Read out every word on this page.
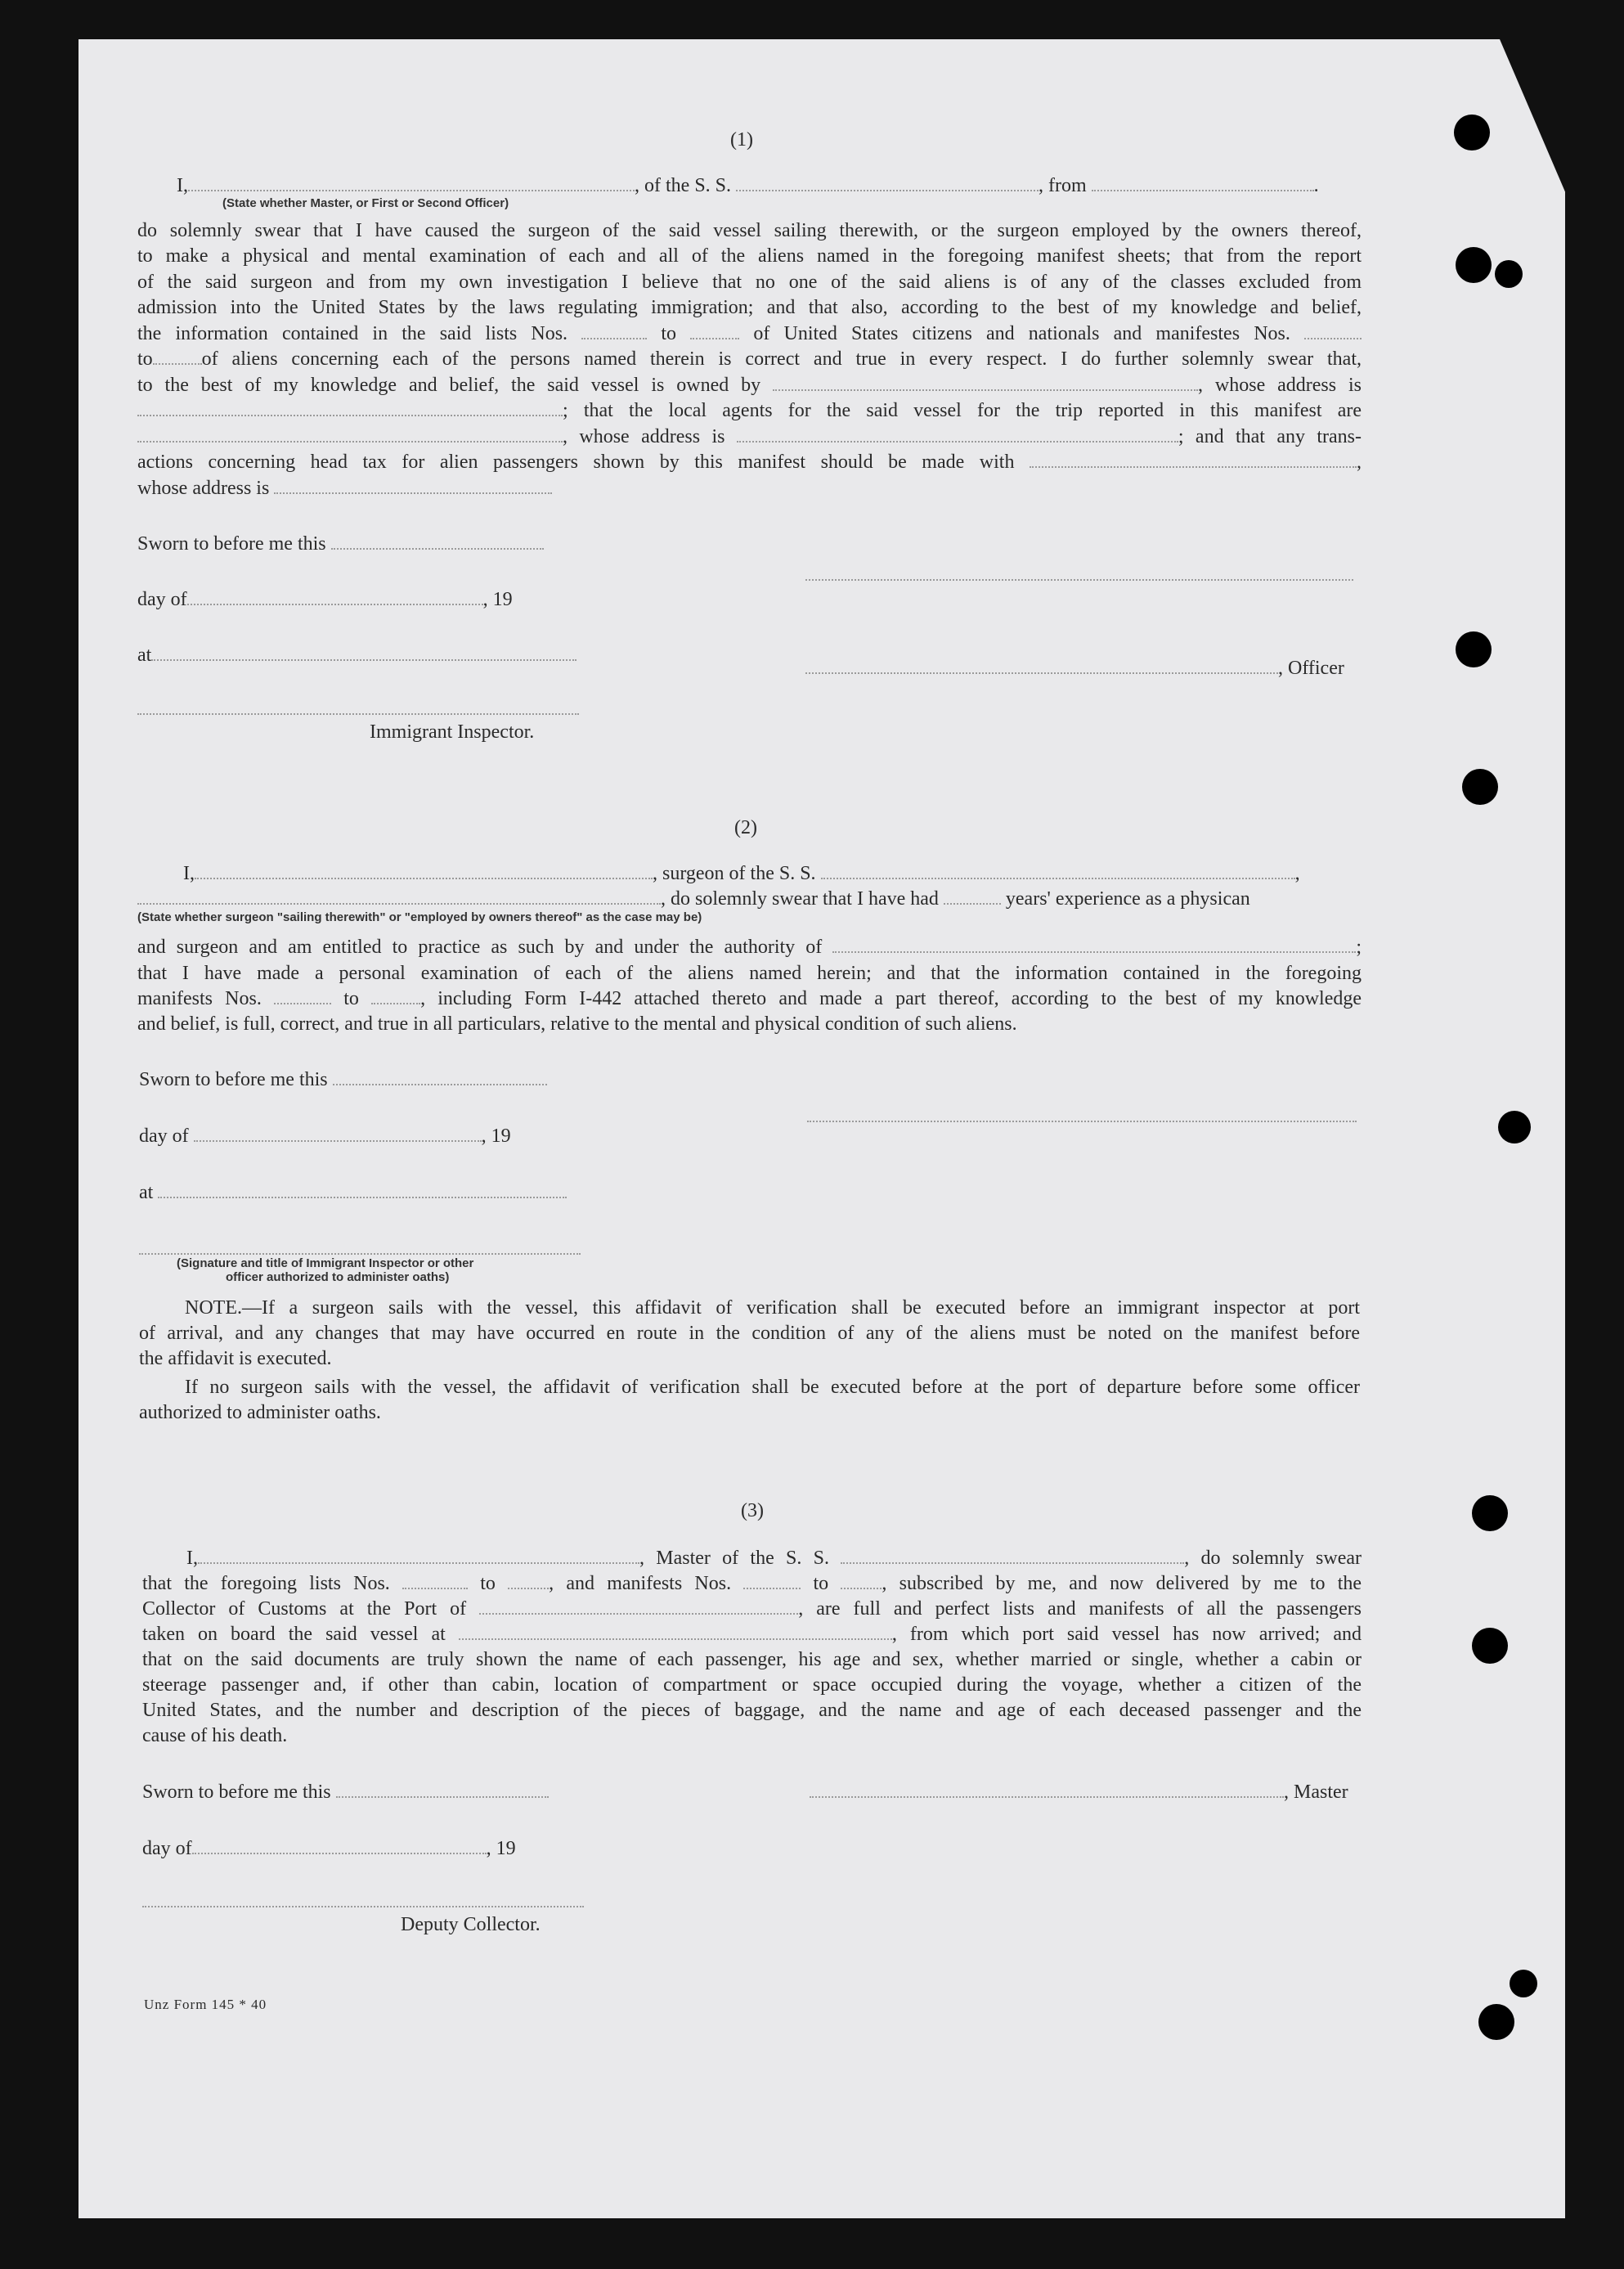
(1)
I,	, of the S. S.	, from	.
(State whether Master, or First or Second Officer)
do solemnly swear that I have caused the surgeon of the said vessel sailing therewith, or the surgeon employed by the owners thereof,
to make a physical and mental examination of each and all of the aliens named in the foregoing manifest sheets; that from the report
of the said surgeon and from my own investigation I believe that no one of the said aliens is of any of the classes excluded from
admission into the United States by the laws regulating immigration; and that also, according to the best of my knowledge and belief,
the information contained in the said lists Nos.	to	of United States citizens and nationals and manifestes Nos.
to	of aliens concerning each of the persons named therein is correct and true in every respect. I do further solemnly swear that,
to the best of my knowledge and belief, the said vessel is owned by	, whose address is
; that the local agents for the said vessel for the trip reported in this manifest are
, whose address is	; and that any trans-
actions concerning head tax for alien passengers shown by this manifest should be made with	,
whose address is
Sworn to before me this
day of	, 19
at
, Officer
Immigrant Inspector.
(2)
I,	, surgeon of the S. S.	,
, do solemnly swear that I have had	years' experience as a physican
(State whether surgeon "sailing therewith" or "employed by owners thereof" as the case may be)
and surgeon and am entitled to practice as such by and under the authority of	;
that I have made a personal examination of each of the aliens named herein; and that the information contained in the foregoing
manifests Nos.	to	, including Form I-442 attached thereto and made a part thereof, according to the best of my knowledge
and belief, is full, correct, and true in all particulars, relative to the mental and physical condition of such aliens.
Sworn to before me this
day of	, 19
at
(Signature and title of Immigrant Inspector or other
officer authorized to administer oaths)
NOTE.—If a surgeon sails with the vessel, this affidavit of verification shall be executed before an immigrant inspector at port
of arrival, and any changes that may have occurred en route in the condition of any of the aliens must be noted on the manifest before
the affidavit is executed.
If no surgeon sails with the vessel, the affidavit of verification shall be executed before at the port of departure before some officer
authorized to administer oaths.
(3)
I,	, Master of the S. S.	, do solemnly swear
that the foregoing lists Nos.	to	, and manifests Nos.	to	, subscribed by me, and now delivered by me to the
Collector of Customs at the Port of	, are full and perfect lists and manifests of all the passengers
taken on board the said vessel at	, from which port said vessel has now arrived; and
that on the said documents are truly shown the name of each passenger, his age and sex, whether married or single, whether a cabin or
steerage passenger and, if other than cabin, location of compartment or space occupied during the voyage, whether a citizen of the
United States, and the number and description of the pieces of baggage, and the name and age of each deceased passenger and the
cause of his death.
Sworn to before me this	, Master
day of	, 19
Deputy Collector.
Unz Form 145 * 40
